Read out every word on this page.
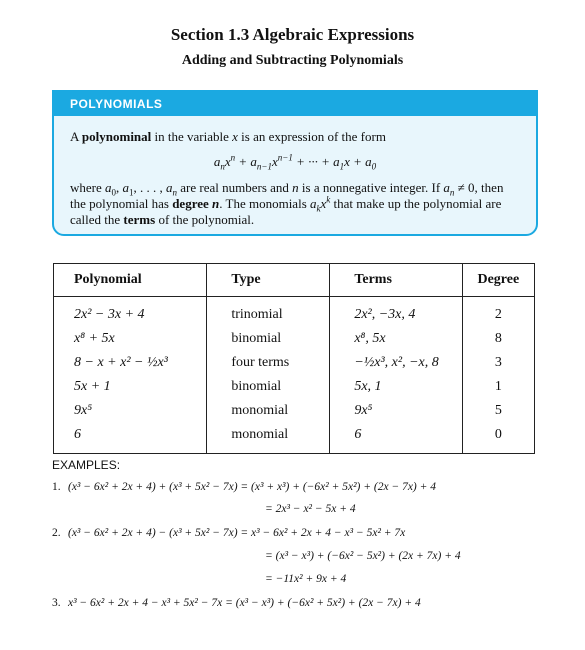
Section 1.3 Algebraic Expressions
Adding and Subtracting Polynomials
POLYNOMIALS

A polynominal in the variable x is an expression of the form

$a_nx^n + a_{n-1}x^{n-1}$ + ··· + $a_1x + a_0$

where $a_0$, $a_1$, . . . , $a_n$ are real numbers and n is a nonnegative integer. If $a_n \ne 0$, then the polynomial has degree n. The monomials $a_kx^k$ that make up the polynomial are called the terms of the polynomial.

Polynomial	Type	Terms	Degree
2x² − 3x + 4	trinomial	2x², −3x, 4	2
x⁸ + 5x	binomial	x⁸, 5x	8
8 − x + x² − ½x³	four terms	−½x³, x², −x, 8	3
5x + 1	binomial	5x, 1	1
9x⁵	monomial	9x⁵	5
6	monomial	6	0
EXAMPLES:
1. (x³ − 6x² + 2x + 4) + (x³ + 5x² − 7x) = (x³ + x³) + (−6x² + 5x²) + (2x − 7x) + 4
= 2x³ − x² − 5x + 4
2. (x³ − 6x² + 2x + 4) − (x³ + 5x² − 7x) = x³ − 6x² + 2x + 4 − x³ − 5x² + 7x
= (x³ − x³) + (−6x² − 5x²) + (2x + 7x) + 4
= −11x² + 9x + 4
3. x³ − 6x² + 2x + 4 − x³ + 5x² − 7x = (x³ − x³) + (−6x² + 5x²) + (2x − 7x) + 4
